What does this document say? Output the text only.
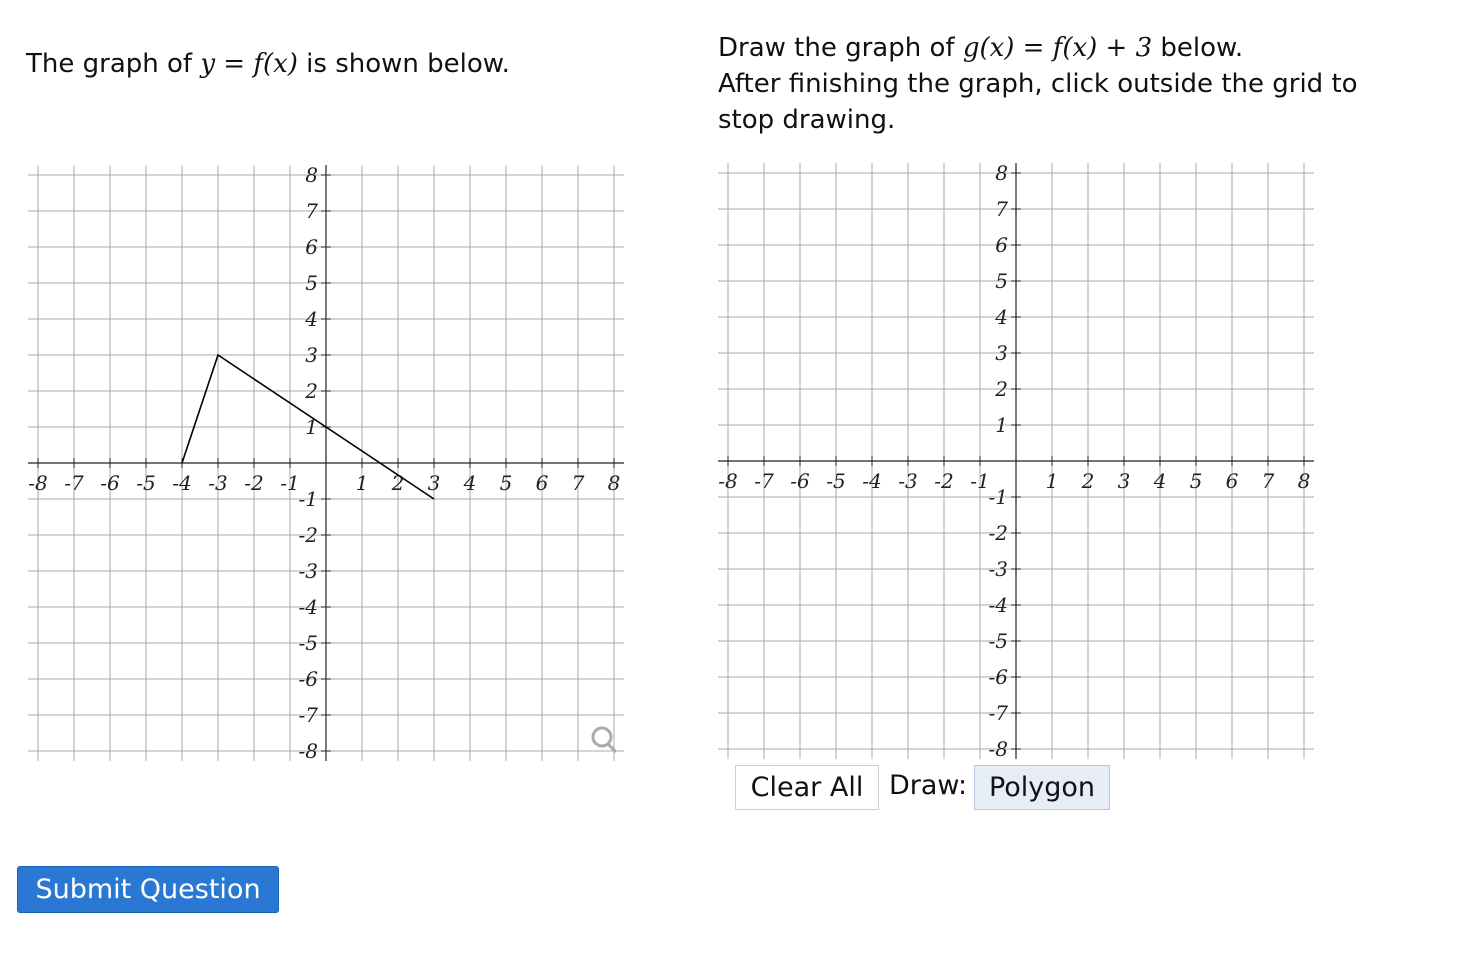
The graph of y = f(x) is shown below.
Draw the graph of g(x) = f(x) + 3 below.
After finishing the graph, click outside the grid to stop drawing.
-8 -7 -6 -5 -4 -3 -2 -1	1 2 3 4 5 6 7 8
8
7
6
5
4
3
2
1
-1
-2
-3
-4
-5
-6
-7
-8
-8 -7 -6 -5 -4 -3 -2 -1	1 2 3 4 5 6 7 8
8
7
6
5
4
3
2
1
-1
-2
-3
-4
-5
-6
-7
-8
Clear All Draw: Polygon
Submit Question
